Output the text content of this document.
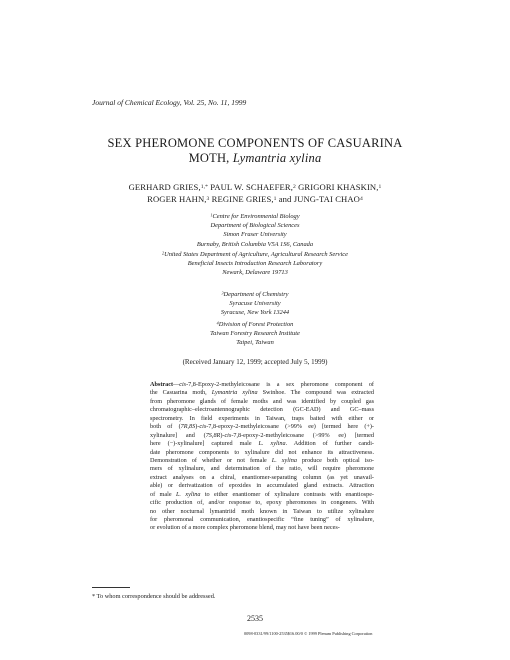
Journal of Chemical Ecology, Vol. 25, No. 11, 1999
SEX PHEROMONE COMPONENTS OF CASUARINA
MOTH, Lymantria xylina
GERHARD GRIES,$^{1,*}$ PAUL W. SCHAEFER,$^2$ GRIGORI KHASKIN,$^1$
ROGER HAHN,$^3$ REGINE GRIES,$^1$ and JUNG-TAI CHAO$^4$
$^1$Centre for Environmental Biology
Department of Biological Sciences
Simon Fraser University
Burnaby, British Columbia V5A 1S6, Canada
$^2$United States Department of Agriculture, Agricultural Research Service
Beneficial Insects Introduction Research Laboratory
Newark, Delaware 19713
$^3$Department of Chemistry
Syracuse University
Syracuse, New York 13244
$^4$Division of Forest Protection
Taiwan Forestry Research Institute
Taipei, Taiwan
(Received January 12, 1999; accepted July 5, 1999)
Abstract—cis-7,8-Epoxy-2-methyleicosane is a sex pheromone component of
the Casuarina moth, Lymantria xylina Swinhoe. The compound was extracted
from pheromone glands of female moths and was identified by coupled gas
chromatographic–electroantennographic detection (GC-EAD) and GC–mass
spectrometry. In field experiments in Taiwan, traps baited with either or
both of (7R,8S)-cis-7,8-epoxy-2-methyleicosane (>99% ee) [termed here (+)-
xylinalure] and (7S,8R)-cis-7,8-epoxy-2-methyleicosane (>99% ee) [termed
here (−)-xylinalure] captured male L. xylina. Addition of further candi-
date pheromone components to xylinalure did not enhance its attractiveness.
Demonstration of whether or not female L. xylina produce both optical iso-
mers of xylinalure, and determination of the ratio, will require pheromone
extract analyses on a chiral, enantiomer-separating column (as yet unavail-
able) or derivatization of epoxides in accumulated gland extracts. Attraction
of male L. xylina to either enantiomer of xylinalure contrasts with enantiospe-
cific production of, and/or response to, epoxy pheromones in congeners. With
no other nocturnal lymantriid moth known in Taiwan to utilize xylinalure
for pheromonal communication, enantiospecific “fine tuning” of xylinalure,
or evolution of a more complex pheromone blend, may not have been neces-
* To whom correspondence should be addressed.
2535
0098-0331/99/1100-2535$16.00/0 © 1999 Plenum Publishing Corporation
